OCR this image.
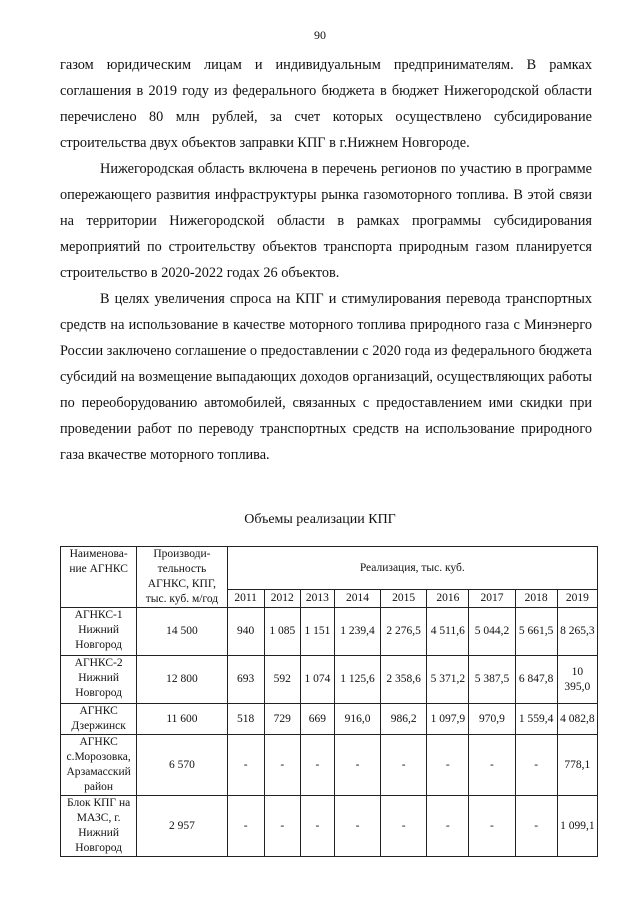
90

газом юридическим лицам и индивидуальным предпринимателям. В рамках соглашения в 2019 году из федерального бюджета в бюджет Нижегородской области перечислено 80 млн рублей, за счет которых осуществлено субсидирование строительства двух объектов заправки КПГ в г.Нижнем Новгороде.

Нижегородская область включена в перечень регионов по участию в программе опережающего развития инфраструктуры рынка газомоторного топлива. В этой связи на территории Нижегородской области в рамках программы субсидирования мероприятий по строительству объектов транспорта природным газом планируется строительство в 2020-2022 годах 26 объектов.

В целях увеличения спроса на КПГ и стимулирования перевода транспортных средств на использование в качестве моторного топлива природного газа с Минэнерго России заключено соглашение о предоставлении с 2020 года из федерального бюджета субсидий на возмещение выпадающих доходов организаций, осуществляющих работы по переоборудованию автомобилей, связанных с предоставлением ими скидки при проведении работ по переводу транспортных средств на использование природного газа вкачестве моторного топлива.

Объемы реализации КПГ
Наименова-ние АГНКС	Производи-тельность АГНКС, КПГ, тыс. куб. м/год	Реализация, тыс. куб.								
		2011	2012	2013	2014	2015	2016	2017	2018	2019
АГНКС-1 Нижний Новгород	14 500	940	1 085	1 151	1 239,4	2 276,5	4 511,6	5 044,2	5 661,5	8 265,3
АГНКС-2 Нижний Новгород	12 800	693	592	1 074	1 125,6	2 358,6	5 371,2	5 387,5	6 847,8	10 395,0
АГНКС Дзержинск	11 600	518	729	669	916,0	986,2	1 097,9	970,9	1 559,4	4 082,8
АГНКС с.Морозовка, Арзамасский район	6 570	-	-	-	-	-	-	-	-	778,1
Блок КПГ на МАЗС, г. Нижний Новгород	2 957	-	-	-	-	-	-	-	-	1 099,1
